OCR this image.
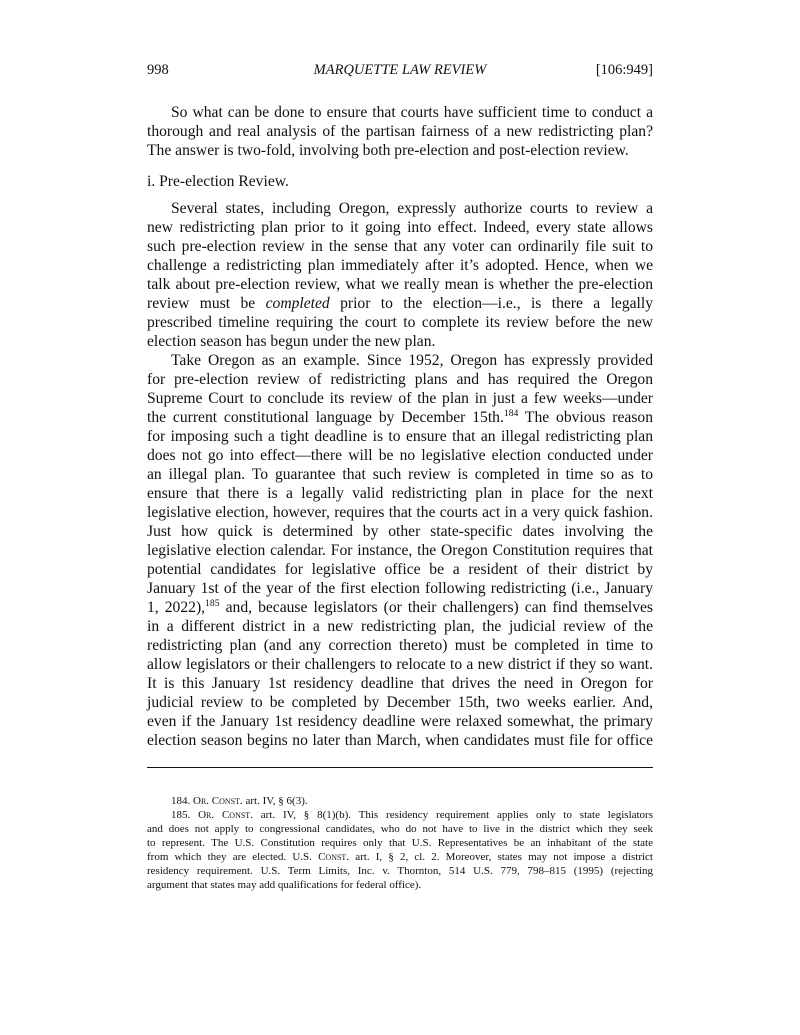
998	MARQUETTE LAW REVIEW	[106:949]
So what can be done to ensure that courts have sufficient time to conduct a
thorough and real analysis of the partisan fairness of a new redistricting plan?
The answer is two-fold, involving both pre-election and post-election review.
i. Pre-election Review.
Several states, including Oregon, expressly authorize courts to review a
new redistricting plan prior to it going into effect. Indeed, every state allows
such pre-election review in the sense that any voter can ordinarily file suit to
challenge a redistricting plan immediately after it’s adopted. Hence, when we
talk about pre-election review, what we really mean is whether the pre-election
review must be completed prior to the election—i.e., is there a legally
prescribed timeline requiring the court to complete its review before the new
election season has begun under the new plan.
Take Oregon as an example. Since 1952, Oregon has expressly provided
for pre-election review of redistricting plans and has required the Oregon
Supreme Court to conclude its review of the plan in just a few weeks—under
the current constitutional language by December 15th.$^{184}$ The obvious reason
for imposing such a tight deadline is to ensure that an illegal redistricting plan
does not go into effect—there will be no legislative election conducted under
an illegal plan. To guarantee that such review is completed in time so as to
ensure that there is a legally valid redistricting plan in place for the next
legislative election, however, requires that the courts act in a very quick fashion.
Just how quick is determined by other state-specific dates involving the
legislative election calendar. For instance, the Oregon Constitution requires that
potential candidates for legislative office be a resident of their district by
January 1st of the year of the first election following redistricting (i.e., January
1, 2022),$^{185}$ and, because legislators (or their challengers) can find themselves
in a different district in a new redistricting plan, the judicial review of the
redistricting plan (and any correction thereto) must be completed in time to
allow legislators or their challengers to relocate to a new district if they so want.
It is this January 1st residency deadline that drives the need in Oregon for
judicial review to be completed by December 15th, two weeks earlier. And,
even if the January 1st residency deadline were relaxed somewhat, the primary
election season begins no later than March, when candidates must file for office
184. Or. Const. art. IV, § 6(3).
185. Or. Const. art. IV, § 8(1)(b). This residency requirement applies only to state legislators
and does not apply to congressional candidates, who do not have to live in the district which they seek
to represent. The U.S. Constitution requires only that U.S. Representatives be an inhabitant of the state
from which they are elected. U.S. Const. art. I, § 2, cl. 2. Moreover, states may not impose a district
residency requirement. U.S. Term Limits, Inc. v. Thornton, 514 U.S. 779, 798–815 (1995) (rejecting
argument that states may add qualifications for federal office).
